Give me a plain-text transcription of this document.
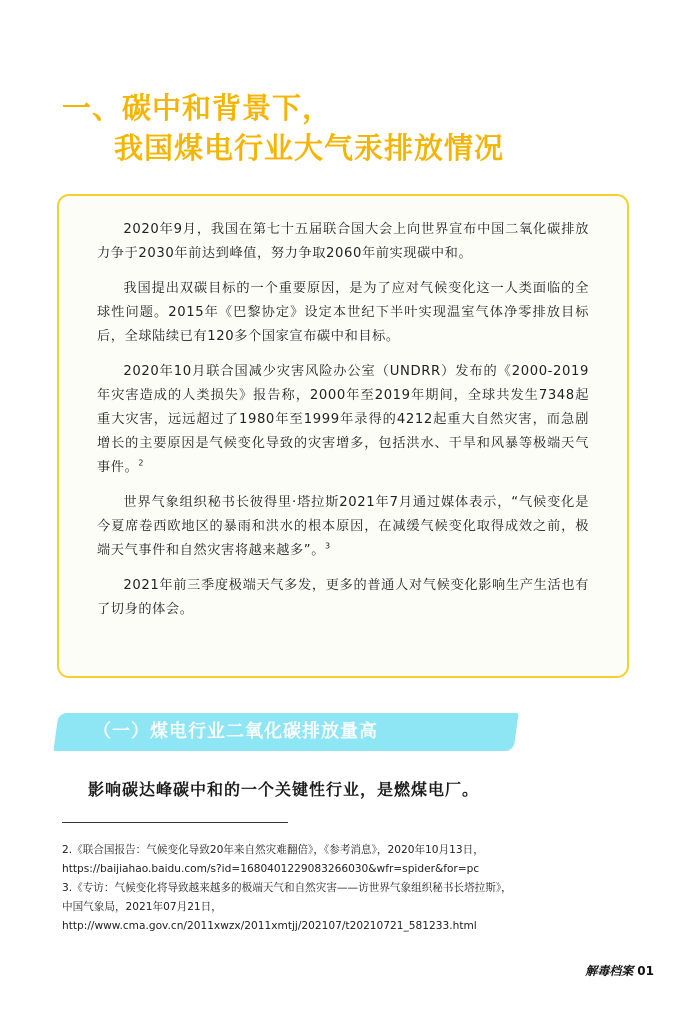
一、碳中和背景下，
我国煤电行业大气汞排放情况

2020年9月，我国在第七十五届联合国大会上向世界宣布中国二氧化碳排放力争于2030年前达到峰值，努力争取2060年前实现碳中和。

我国提出双碳目标的一个重要原因，是为了应对气候变化这一人类面临的全球性问题。2015年《巴黎协定》设定本世纪下半叶实现温室气体净零排放目标后，全球陆续已有120多个国家宣布碳中和目标。

2020年10月联合国减少灾害风险办公室（UNDRR）发布的《2000-2019年灾害造成的人类损失》报告称，2000年至2019年期间，全球共发生7348起重大灾害，远远超过了1980年至1999年录得的4212起重大自然灾害，而急剧增长的主要原因是气候变化导致的灾害增多，包括洪水、干旱和风暴等极端天气事件。$^2$

世界气象组织秘书长彼得里·塔拉斯2021年7月通过媒体表示，“气候变化是今夏席卷西欧地区的暴雨和洪水的根本原因，在减缓气候变化取得成效之前，极端天气事件和自然灾害将越来越多”。$^3$

2021年前三季度极端天气多发，更多的普通人对气候变化影响生产生活也有了切身的体会。

（一）煤电行业二氧化碳排放量高

影响碳达峰碳中和的一个关键性行业，是燃煤电厂。

2.《联合国报告：气候变化导致20年来自然灾难翻倍》，《参考消息》，2020年10月13日，
https://baijiahao.baidu.com/s?id=1680401229083266030&wfr=spider&for=pc
3.《专访：气候变化将导致越来越多的极端天气和自然灾害——访世界气象组织秘书长塔拉斯》，
中国气象局，2021年07月21日，
http://www.cma.gov.cn/2011xwzx/2011xmtjj/202107/t20210721_581233.html
解毒档案 01
